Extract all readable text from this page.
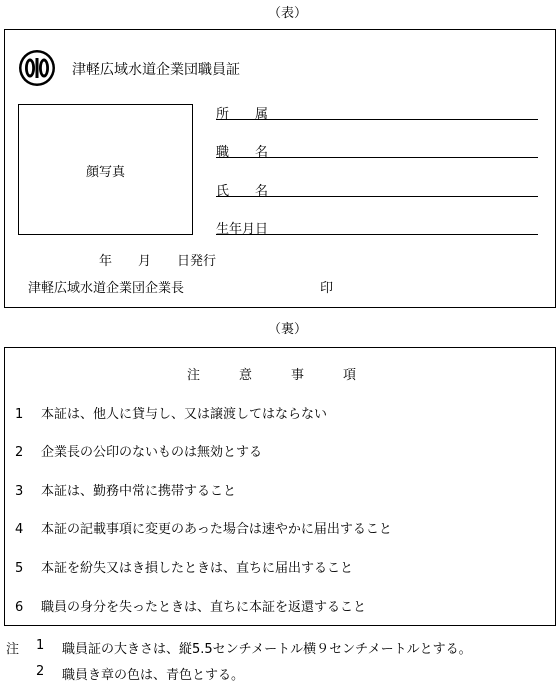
（表）
津軽広域水道企業団職員証
顔写真
所　　属
職　　名
氏　　名
生年月日
年　　月　　日発行
津軽広域水道企業団企業長	印
（裏）
注　　　意　　　事　　　項
1 本証は、他人に貸与し、又は譲渡してはならない
2 企業長の公印のないものは無効とする
3 本証は、勤務中常に携帯すること
4 本証の記載事項に変更のあった場合は速やかに届出すること
5 本証を紛失又はき損したときは、直ちに届出すること
6 職員の身分を失ったときは、直ちに本証を返還すること
注 1 職員証の大きさは、縦5.5センチメートル横９センチメートルとする。
2 職員き章の色は、青色とする。
